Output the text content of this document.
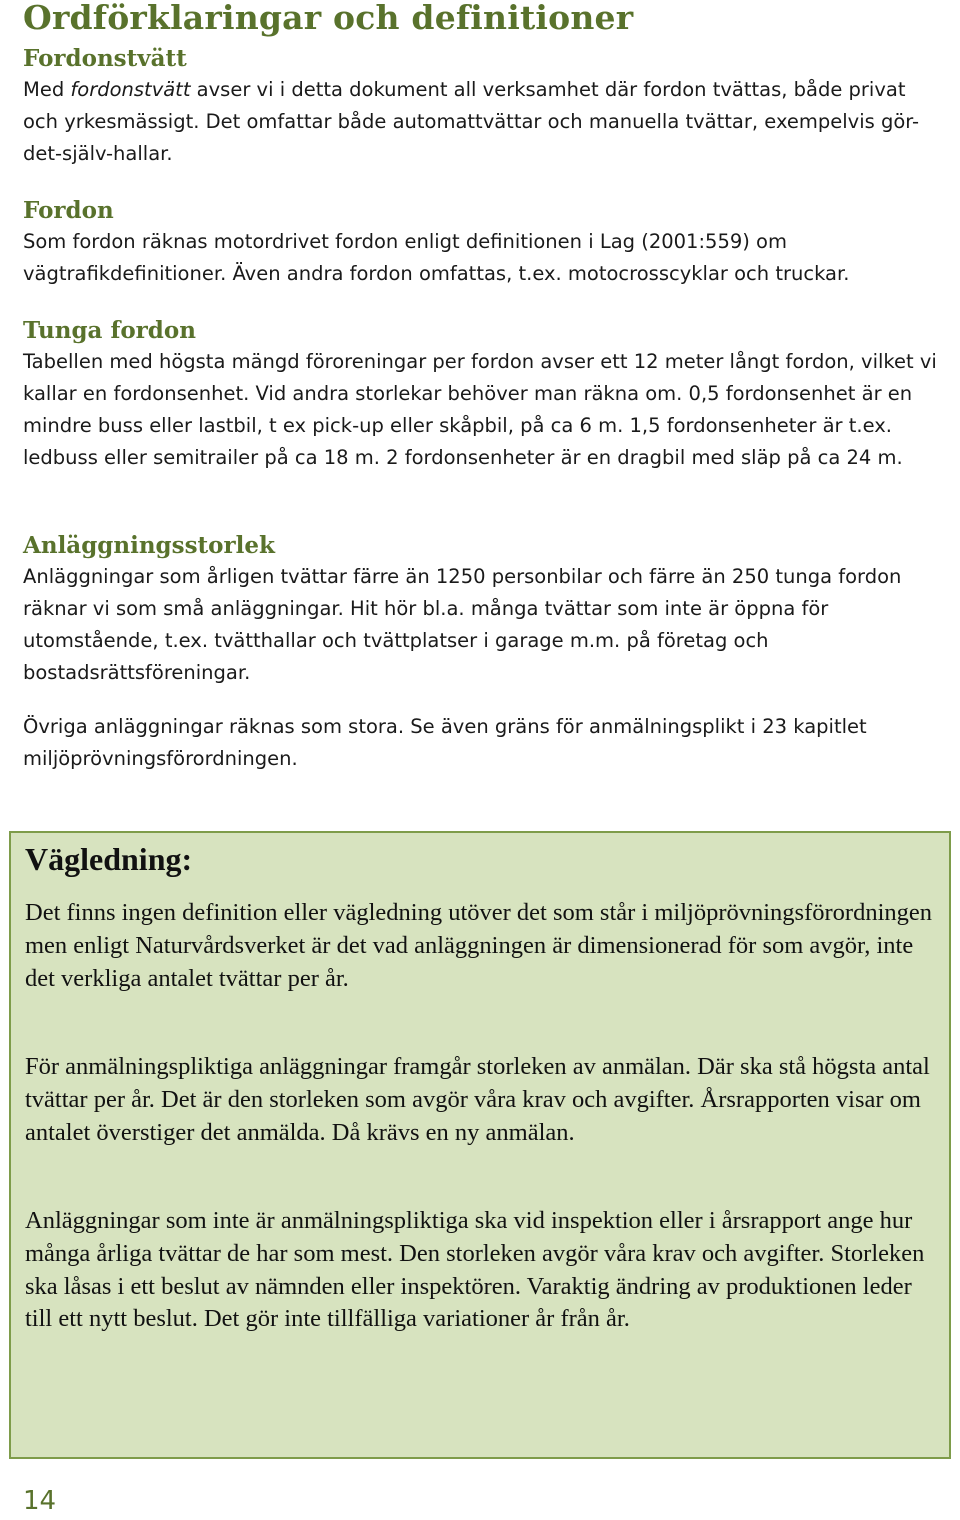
Ordförklaringar och definitioner
Fordonstvätt

Med fordonstvätt avser vi i detta dokument all verksamhet där fordon tvättas, både privat och yrkesmässigt. Det omfattar både automattvättar och manuella tvättar, exempelvis gör-det-själv-hallar.

Fordon

Som fordon räknas motordrivet fordon enligt definitionen i Lag (2001:559) om vägtrafikdefinitioner. Även andra fordon omfattas, t.ex. motocrosscyklar och truckar.

Tunga fordon

Tabellen med högsta mängd föroreningar per fordon avser ett 12 meter långt fordon, vilket vi kallar en fordonsenhet. Vid andra storlekar behöver man räkna om. 0,5 fordonsenhet är en mindre buss eller lastbil, t ex pick-up eller skåpbil, på ca 6 m. 1,5 fordonsenheter är t.ex. ledbuss eller semitrailer på ca 18 m. 2 fordonsenheter är en dragbil med släp på ca 24 m.

Anläggningsstorlek

Anläggningar som årligen tvättar färre än 1250 personbilar och färre än 250 tunga fordon räknar vi som små anläggningar. Hit hör bl.a. många tvättar som inte är öppna för utomstående, t.ex. tvätthallar och tvättplatser i garage m.m. på företag och bostadsrättsföreningar.

Övriga anläggningar räknas som stora. Se även gräns för anmälningsplikt i 23 kapitlet miljöprövningsförordningen.

Vägledning:

Det finns ingen definition eller vägledning utöver det som står i miljöprövningsförordningen men enligt Naturvårdsverket är det vad anläggningen är dimensionerad för som avgör, inte det verkliga antalet tvättar per år.

För anmälningspliktiga anläggningar framgår storleken av anmälan. Där ska stå högsta antal tvättar per år. Det är den storleken som avgör våra krav och avgifter. Årsrapporten visar om antalet överstiger det anmälda. Då krävs en ny anmälan.

Anläggningar som inte är anmälningspliktiga ska vid inspektion eller i årsrapport ange hur många årliga tvättar de har som mest. Den storleken avgör våra krav och avgifter. Storleken ska låsas i ett beslut av nämnden eller inspektören. Varaktig ändring av produktionen leder till ett nytt beslut. Det gör inte tillfälliga variationer år från år.

14
